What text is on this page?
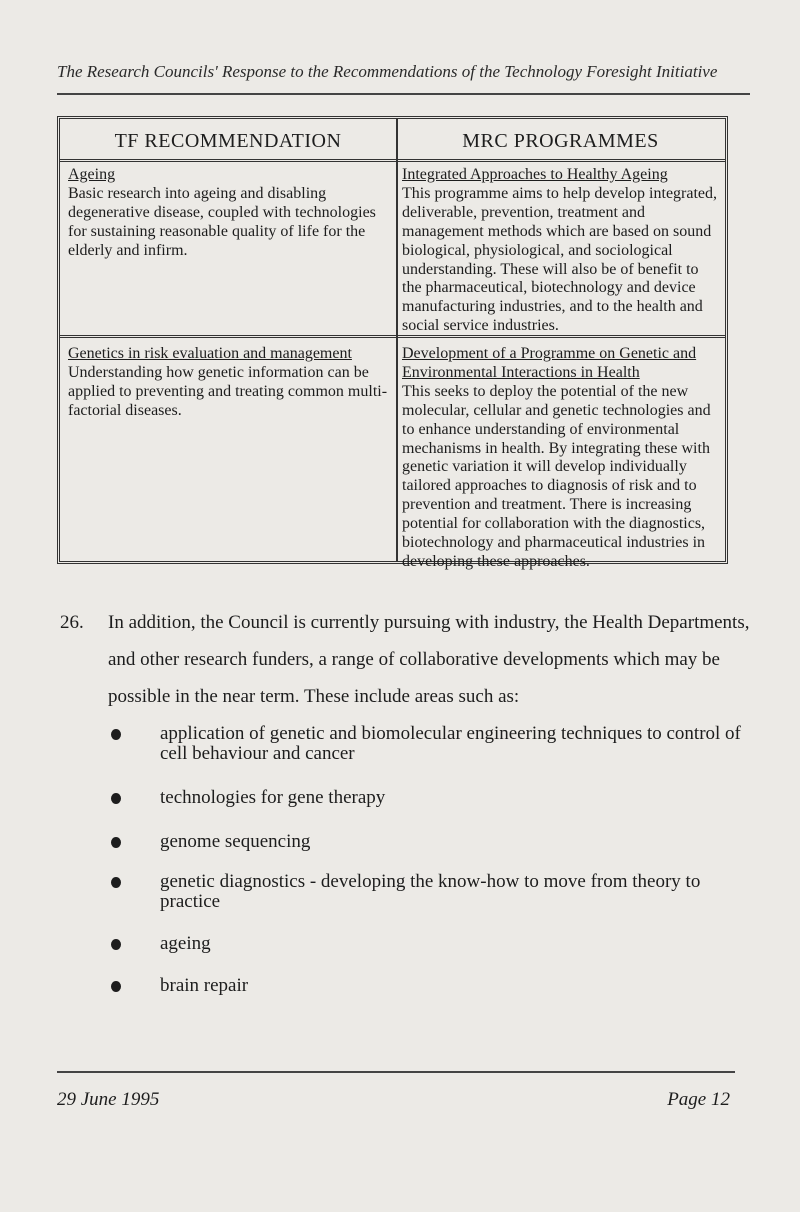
The Research Councils' Response to the Recommendations of the Technology Foresight Initiative
TF RECOMMENDATION	MRC PROGRAMMES
Ageing
Basic research into ageing and disabling degenerative disease, coupled with technologies for sustaining reasonable quality of life for the elderly and infirm.
Integrated Approaches to Healthy Ageing
This programme aims to help develop integrated, deliverable, prevention, treatment and management methods which are based on sound biological, physiological, and sociological understanding. These will also be of benefit to the pharmaceutical, biotechnology and device manufacturing industries, and to the health and social service industries.
Genetics in risk evaluation and management
Understanding how genetic information can be applied to preventing and treating common multi-factorial diseases.
Development of a Programme on Genetic and Environmental Interactions in Health
This seeks to deploy the potential of the new molecular, cellular and genetic technologies and to enhance understanding of environmental mechanisms in health. By integrating these with genetic variation it will develop individually tailored approaches to diagnosis of risk and to prevention and treatment. There is increasing potential for collaboration with the diagnostics, biotechnology and pharmaceutical industries in developing these approaches.
26. In addition, the Council is currently pursuing with industry, the Health Departments, and other research funders, a range of collaborative developments which may be possible in the near term. These include areas such as:
application of genetic and biomolecular engineering techniques to control of cell behaviour and cancer
technologies for gene therapy
genome sequencing
genetic diagnostics - developing the know-how to move from theory to practice
ageing
brain repair
29 June 1995	Page 12
